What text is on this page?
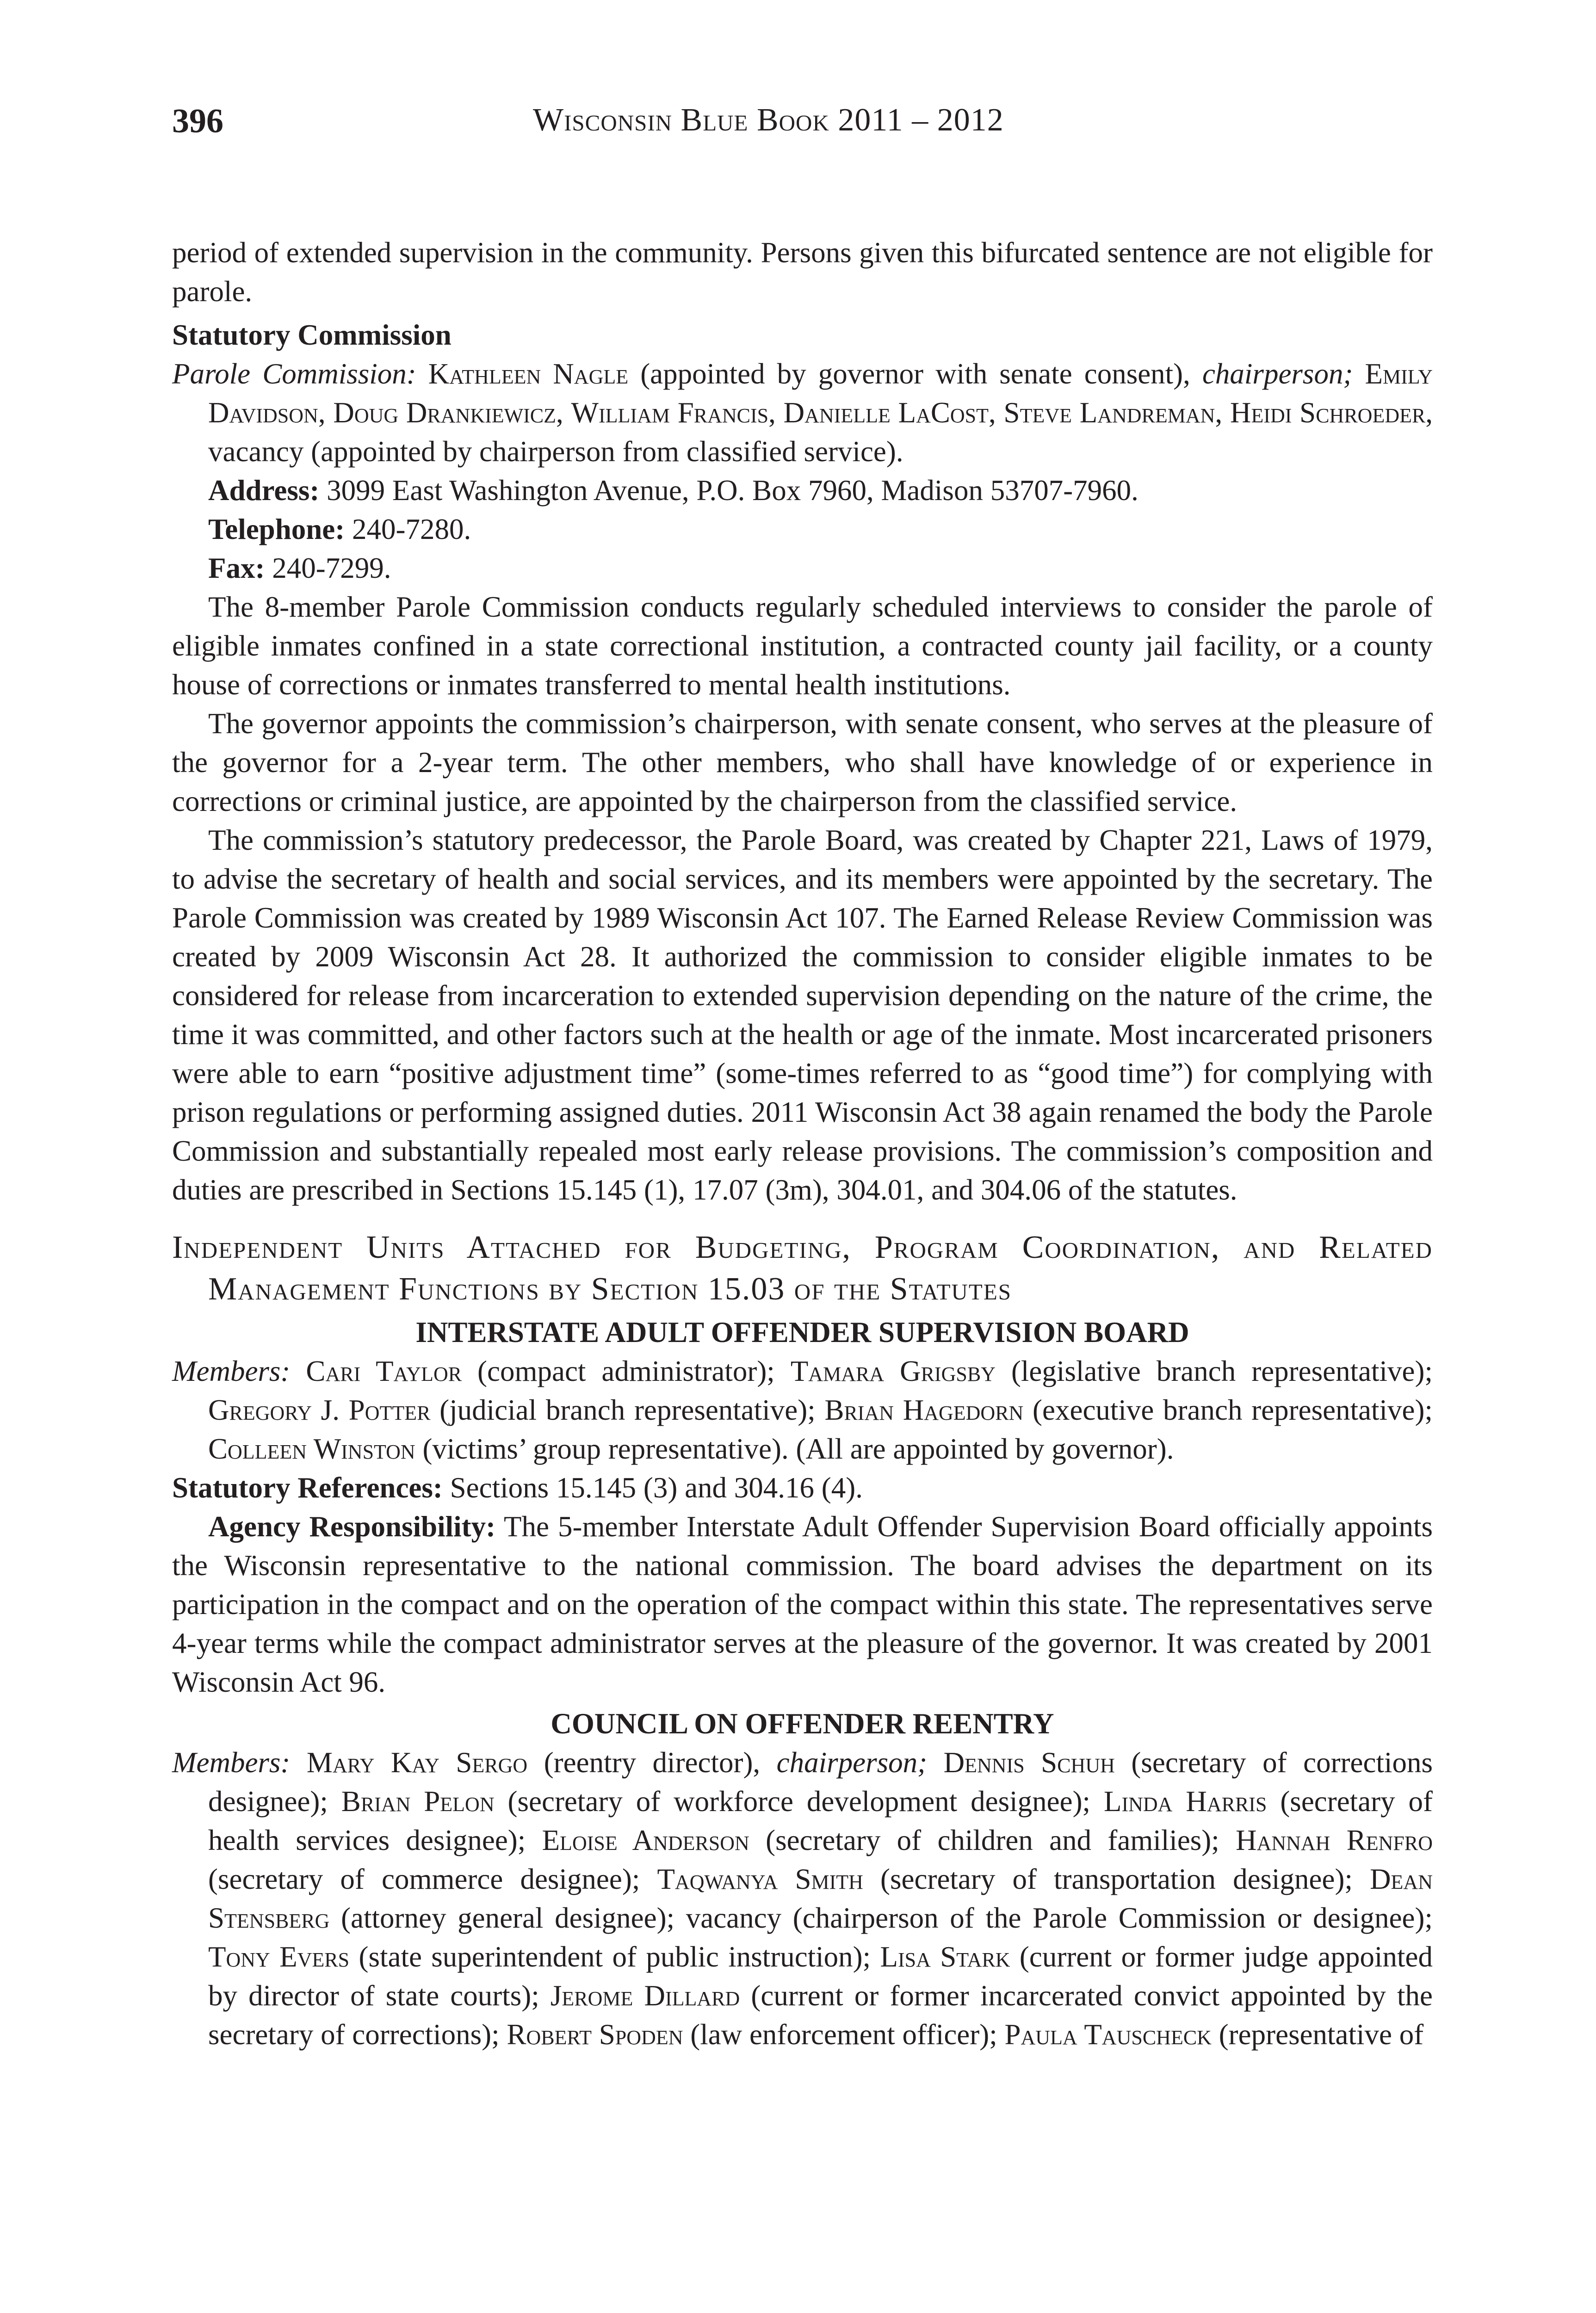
396	Wisconsin Blue Book 2011 – 2012

period of extended supervision in the community. Persons given this bifurcated sentence are not eligible for parole.

Statutory Commission

Parole Commission: Kathleen Nagle (appointed by governor with senate consent), chairperson; Emily Davidson, Doug Drankiewicz, William Francis, Danielle LaCost, Steve Landreman, Heidi Schroeder, vacancy (appointed by chairperson from classified service).

Address: 3099 East Washington Avenue, P.O. Box 7960, Madison 53707-7960.

Telephone: 240-7280.

Fax: 240-7299.

The 8-member Parole Commission conducts regularly scheduled interviews to consider the parole of eligible inmates confined in a state correctional institution, a contracted county jail facility, or a county house of corrections or inmates transferred to mental health institutions.

The governor appoints the commission’s chairperson, with senate consent, who serves at the pleasure of the governor for a 2-year term. The other members, who shall have knowledge of or experience in corrections or criminal justice, are appointed by the chairperson from the classified service.

The commission’s statutory predecessor, the Parole Board, was created by Chapter 221, Laws of 1979, to advise the secretary of health and social services, and its members were appointed by the secretary. The Parole Commission was created by 1989 Wisconsin Act 107. The Earned Release Review Commission was created by 2009 Wisconsin Act 28. It authorized the commission to consider eligible inmates to be considered for release from incarceration to extended supervision depending on the nature of the crime, the time it was committed, and other factors such at the health or age of the inmate. Most incarcerated prisoners were able to earn “positive adjustment time” (some-times referred to as “good time”) for complying with prison regulations or performing assigned duties. 2011 Wisconsin Act 38 again renamed the body the Parole Commission and substantially repealed most early release provisions. The commission’s composition and duties are prescribed in Sections 15.145 (1), 17.07 (3m), 304.01, and 304.06 of the statutes.

Independent Units Attached for Budgeting, Program Coordination, and Related Management Functions by Section 15.03 of the Statutes

INTERSTATE ADULT OFFENDER SUPERVISION BOARD

Members: Cari Taylor (compact administrator); Tamara Grigsby (legislative branch representative); Gregory J. Potter (judicial branch representative); Brian Hagedorn (executive branch representative); Colleen Winston (victims’ group representative). (All are appointed by governor).

Statutory References: Sections 15.145 (3) and 304.16 (4).

Agency Responsibility: The 5-member Interstate Adult Offender Supervision Board officially appoints the Wisconsin representative to the national commission. The board advises the department on its participation in the compact and on the operation of the compact within this state. The representatives serve 4-year terms while the compact administrator serves at the pleasure of the governor. It was created by 2001 Wisconsin Act 96.

COUNCIL ON OFFENDER REENTRY

Members: Mary Kay Sergo (reentry director), chairperson; Dennis Schuh (secretary of corrections designee); Brian Pelon (secretary of workforce development designee); Linda Harris (secretary of health services designee); Eloise Anderson (secretary of children and families); Hannah Renfro (secretary of commerce designee); Taqwanya Smith (secretary of transportation designee); Dean Stensberg (attorney general designee); vacancy (chairperson of the Parole Commission or designee); Tony Evers (state superintendent of public instruction); Lisa Stark (current or former judge appointed by director of state courts); Jerome Dillard (current or former incarcerated convict appointed by the secretary of corrections); Robert Spoden (law enforcement officer); Paula Tauscheck (representative of
